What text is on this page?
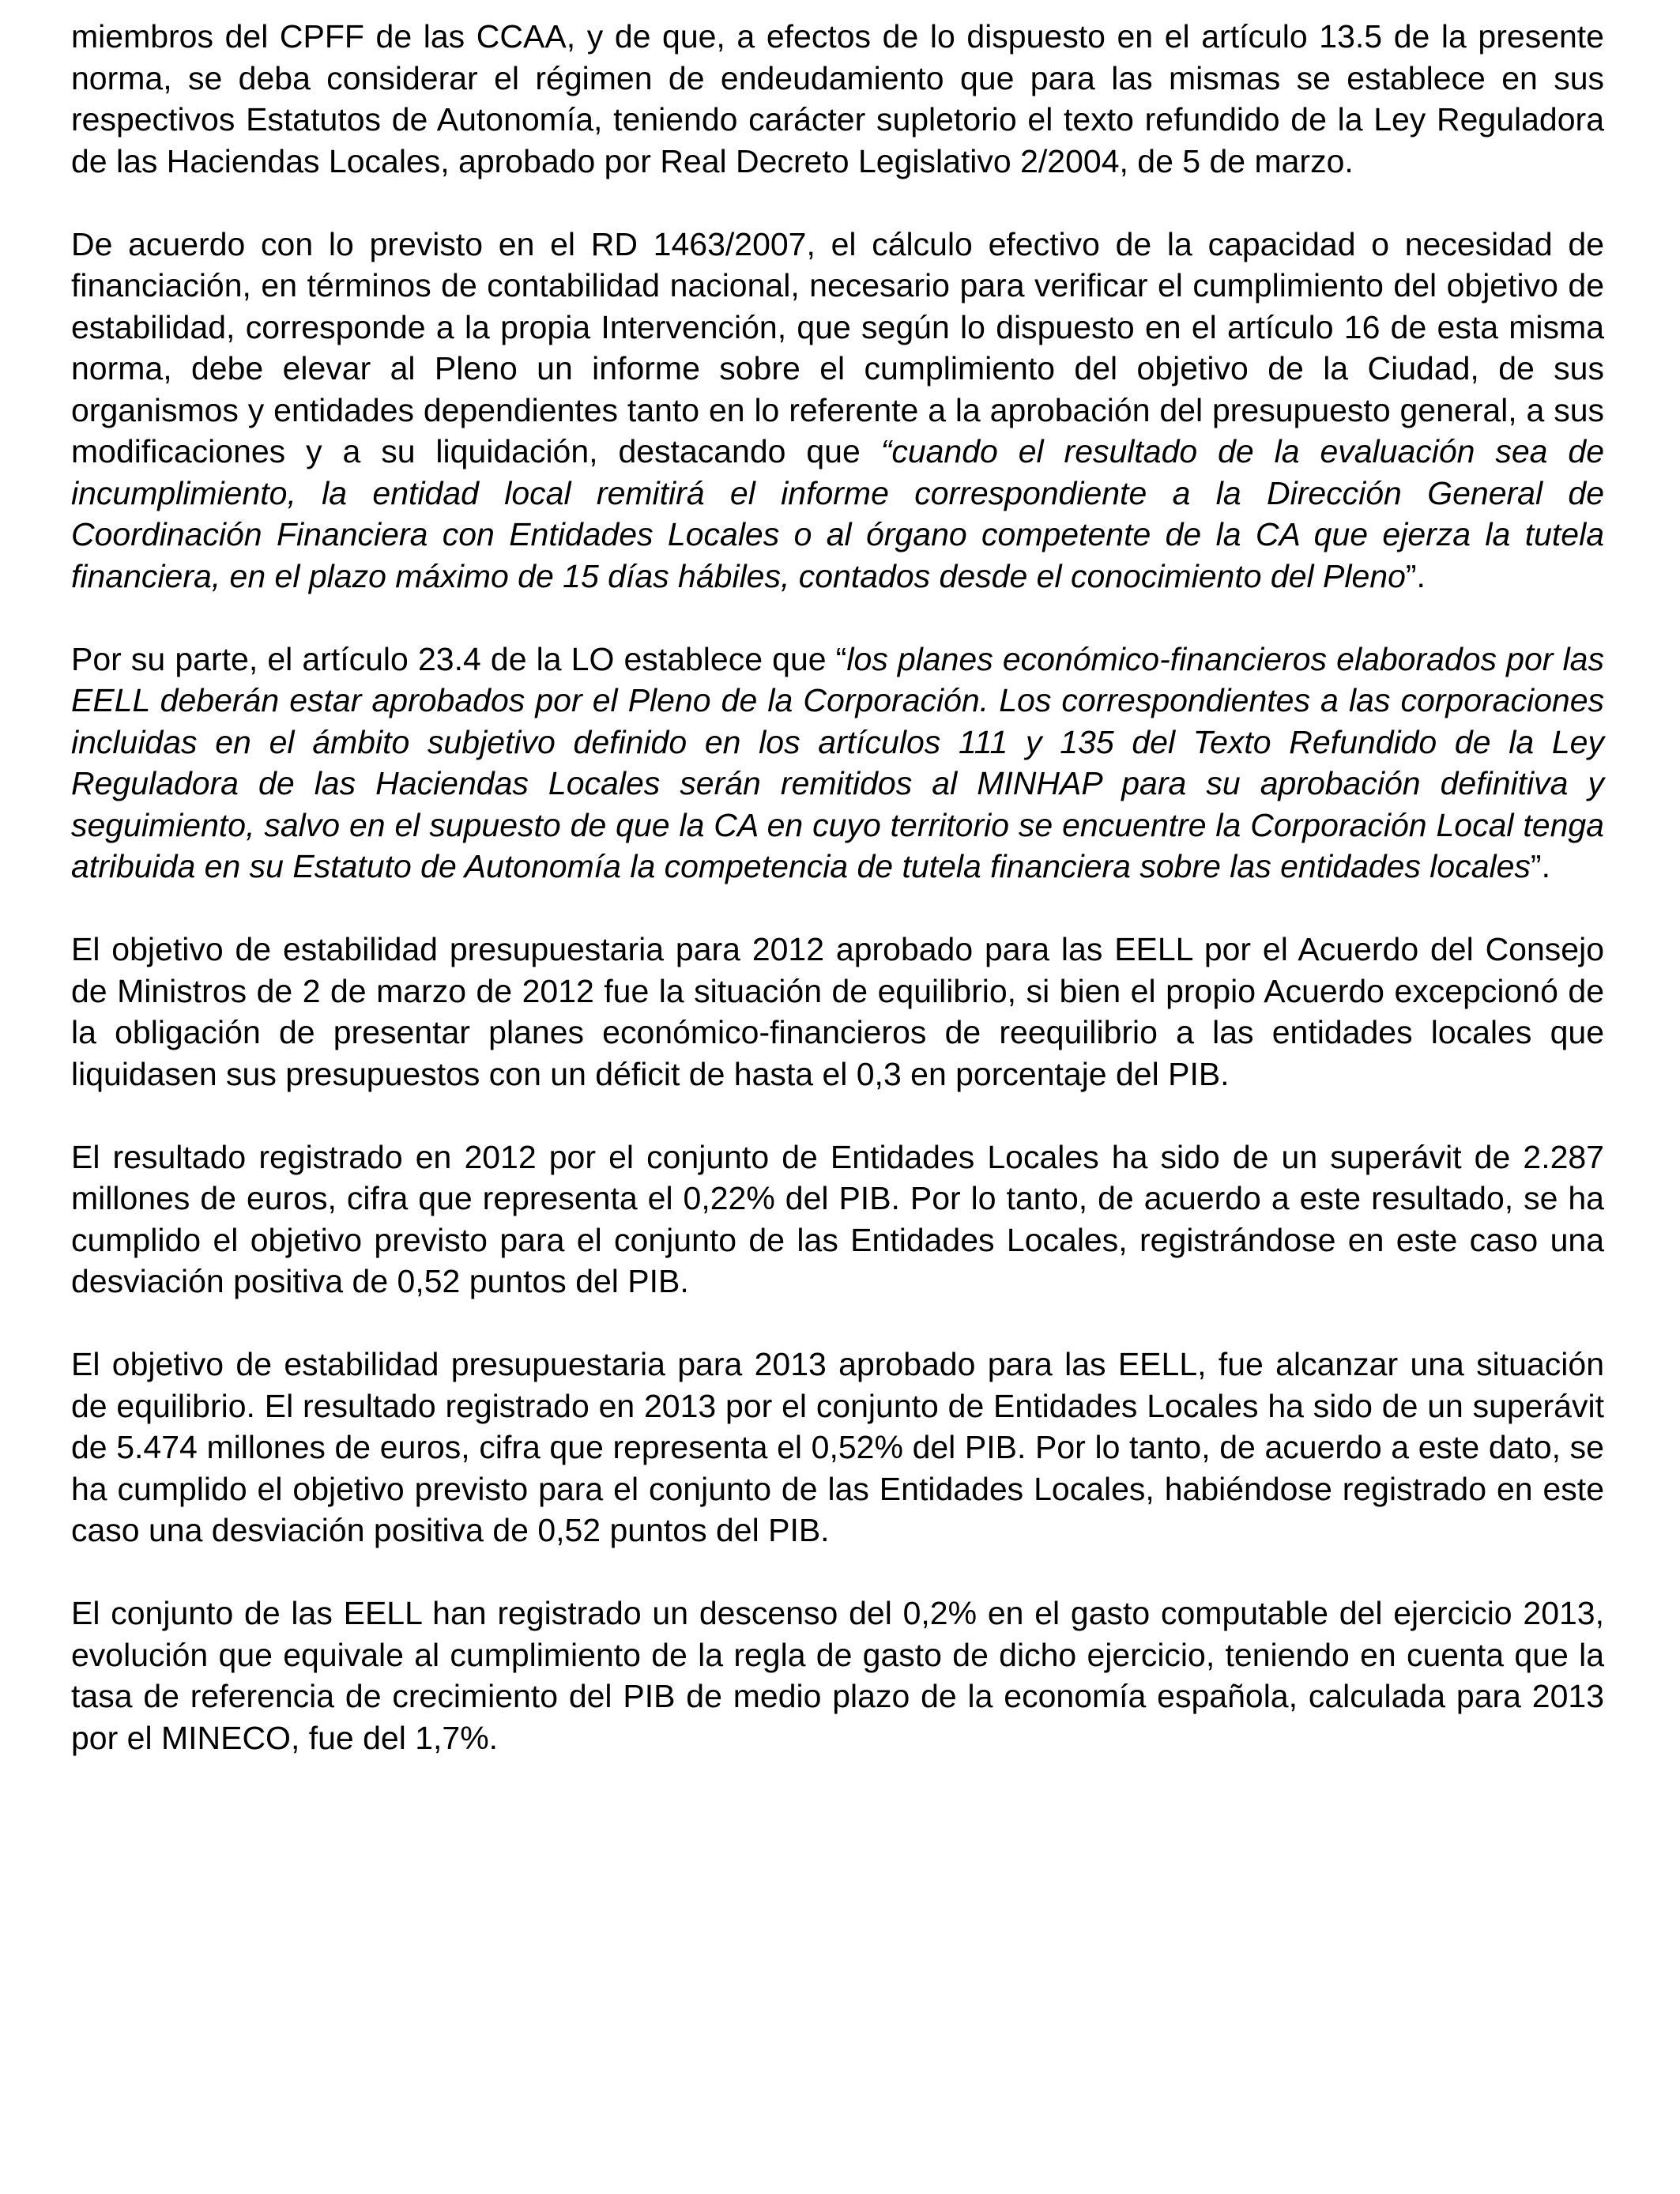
miembros del CPFF de las CCAA, y de que, a efectos de lo dispuesto en el artículo 13.5 de la presente norma, se deba considerar el régimen de endeudamiento que para las mismas se establece en sus respectivos Estatutos de Autonomía, teniendo carácter supletorio el texto refundido de la Ley Reguladora de las Haciendas Locales, aprobado por Real Decreto Legislativo 2/2004, de 5 de marzo.

De acuerdo con lo previsto en el RD 1463/2007, el cálculo efectivo de la capacidad o necesidad de financiación, en términos de contabilidad nacional, necesario para verificar el cumplimiento del objetivo de estabilidad, corresponde a la propia Intervención, que según lo dispuesto en el artículo 16 de esta misma norma, debe elevar al Pleno un informe sobre el cumplimiento del objetivo de la Ciudad, de sus organismos y entidades dependientes tanto en lo referente a la aprobación del presupuesto general, a sus modificaciones y a su liquidación, destacando que “cuando el resultado de la evaluación sea de incumplimiento, la entidad local remitirá el informe correspondiente a la Dirección General de Coordinación Financiera con Entidades Locales o al órgano competente de la CA que ejerza la tutela financiera, en el plazo máximo de 15 días hábiles, contados desde el conocimiento del Pleno”.

Por su parte, el artículo 23.4 de la LO establece que “los planes económico-financieros elaborados por las EELL deberán estar aprobados por el Pleno de la Corporación. Los correspondientes a las corporaciones incluidas en el ámbito subjetivo definido en los artículos 111 y 135 del Texto Refundido de la Ley Reguladora de las Haciendas Locales serán remitidos al MINHAP para su aprobación definitiva y seguimiento, salvo en el supuesto de que la CA en cuyo territorio se encuentre la Corporación Local tenga atribuida en su Estatuto de Autonomía la competencia de tutela financiera sobre las entidades locales”.

El objetivo de estabilidad presupuestaria para 2012 aprobado para las EELL por el Acuerdo del Consejo de Ministros de 2 de marzo de 2012 fue la situación de equilibrio, si bien el propio Acuerdo excepcionó de la obligación de presentar planes económico-financieros de reequilibrio a las entidades locales que liquidasen sus presupuestos con un déficit de hasta el 0,3 en porcentaje del PIB.

El resultado registrado en 2012 por el conjunto de Entidades Locales ha sido de un superávit de 2.287 millones de euros, cifra que representa el 0,22% del PIB. Por lo tanto, de acuerdo a este resultado, se ha cumplido el objetivo previsto para el conjunto de las Entidades Locales, registrándose en este caso una desviación positiva de 0,52 puntos del PIB.

El objetivo de estabilidad presupuestaria para 2013 aprobado para las EELL, fue alcanzar una situación de equilibrio. El resultado registrado en 2013 por el conjunto de Entidades Locales ha sido de un superávit de 5.474 millones de euros, cifra que representa el 0,52% del PIB. Por lo tanto, de acuerdo a este dato, se ha cumplido el objetivo previsto para el conjunto de las Entidades Locales, habiéndose registrado en este caso una desviación positiva de 0,52 puntos del PIB.

El conjunto de las EELL han registrado un descenso del 0,2% en el gasto computable del ejercicio 2013, evolución que equivale al cumplimiento de la regla de gasto de dicho ejercicio, teniendo en cuenta que la tasa de referencia de crecimiento del PIB de medio plazo de la economía española, calculada para 2013 por el MINECO, fue del 1,7%.
